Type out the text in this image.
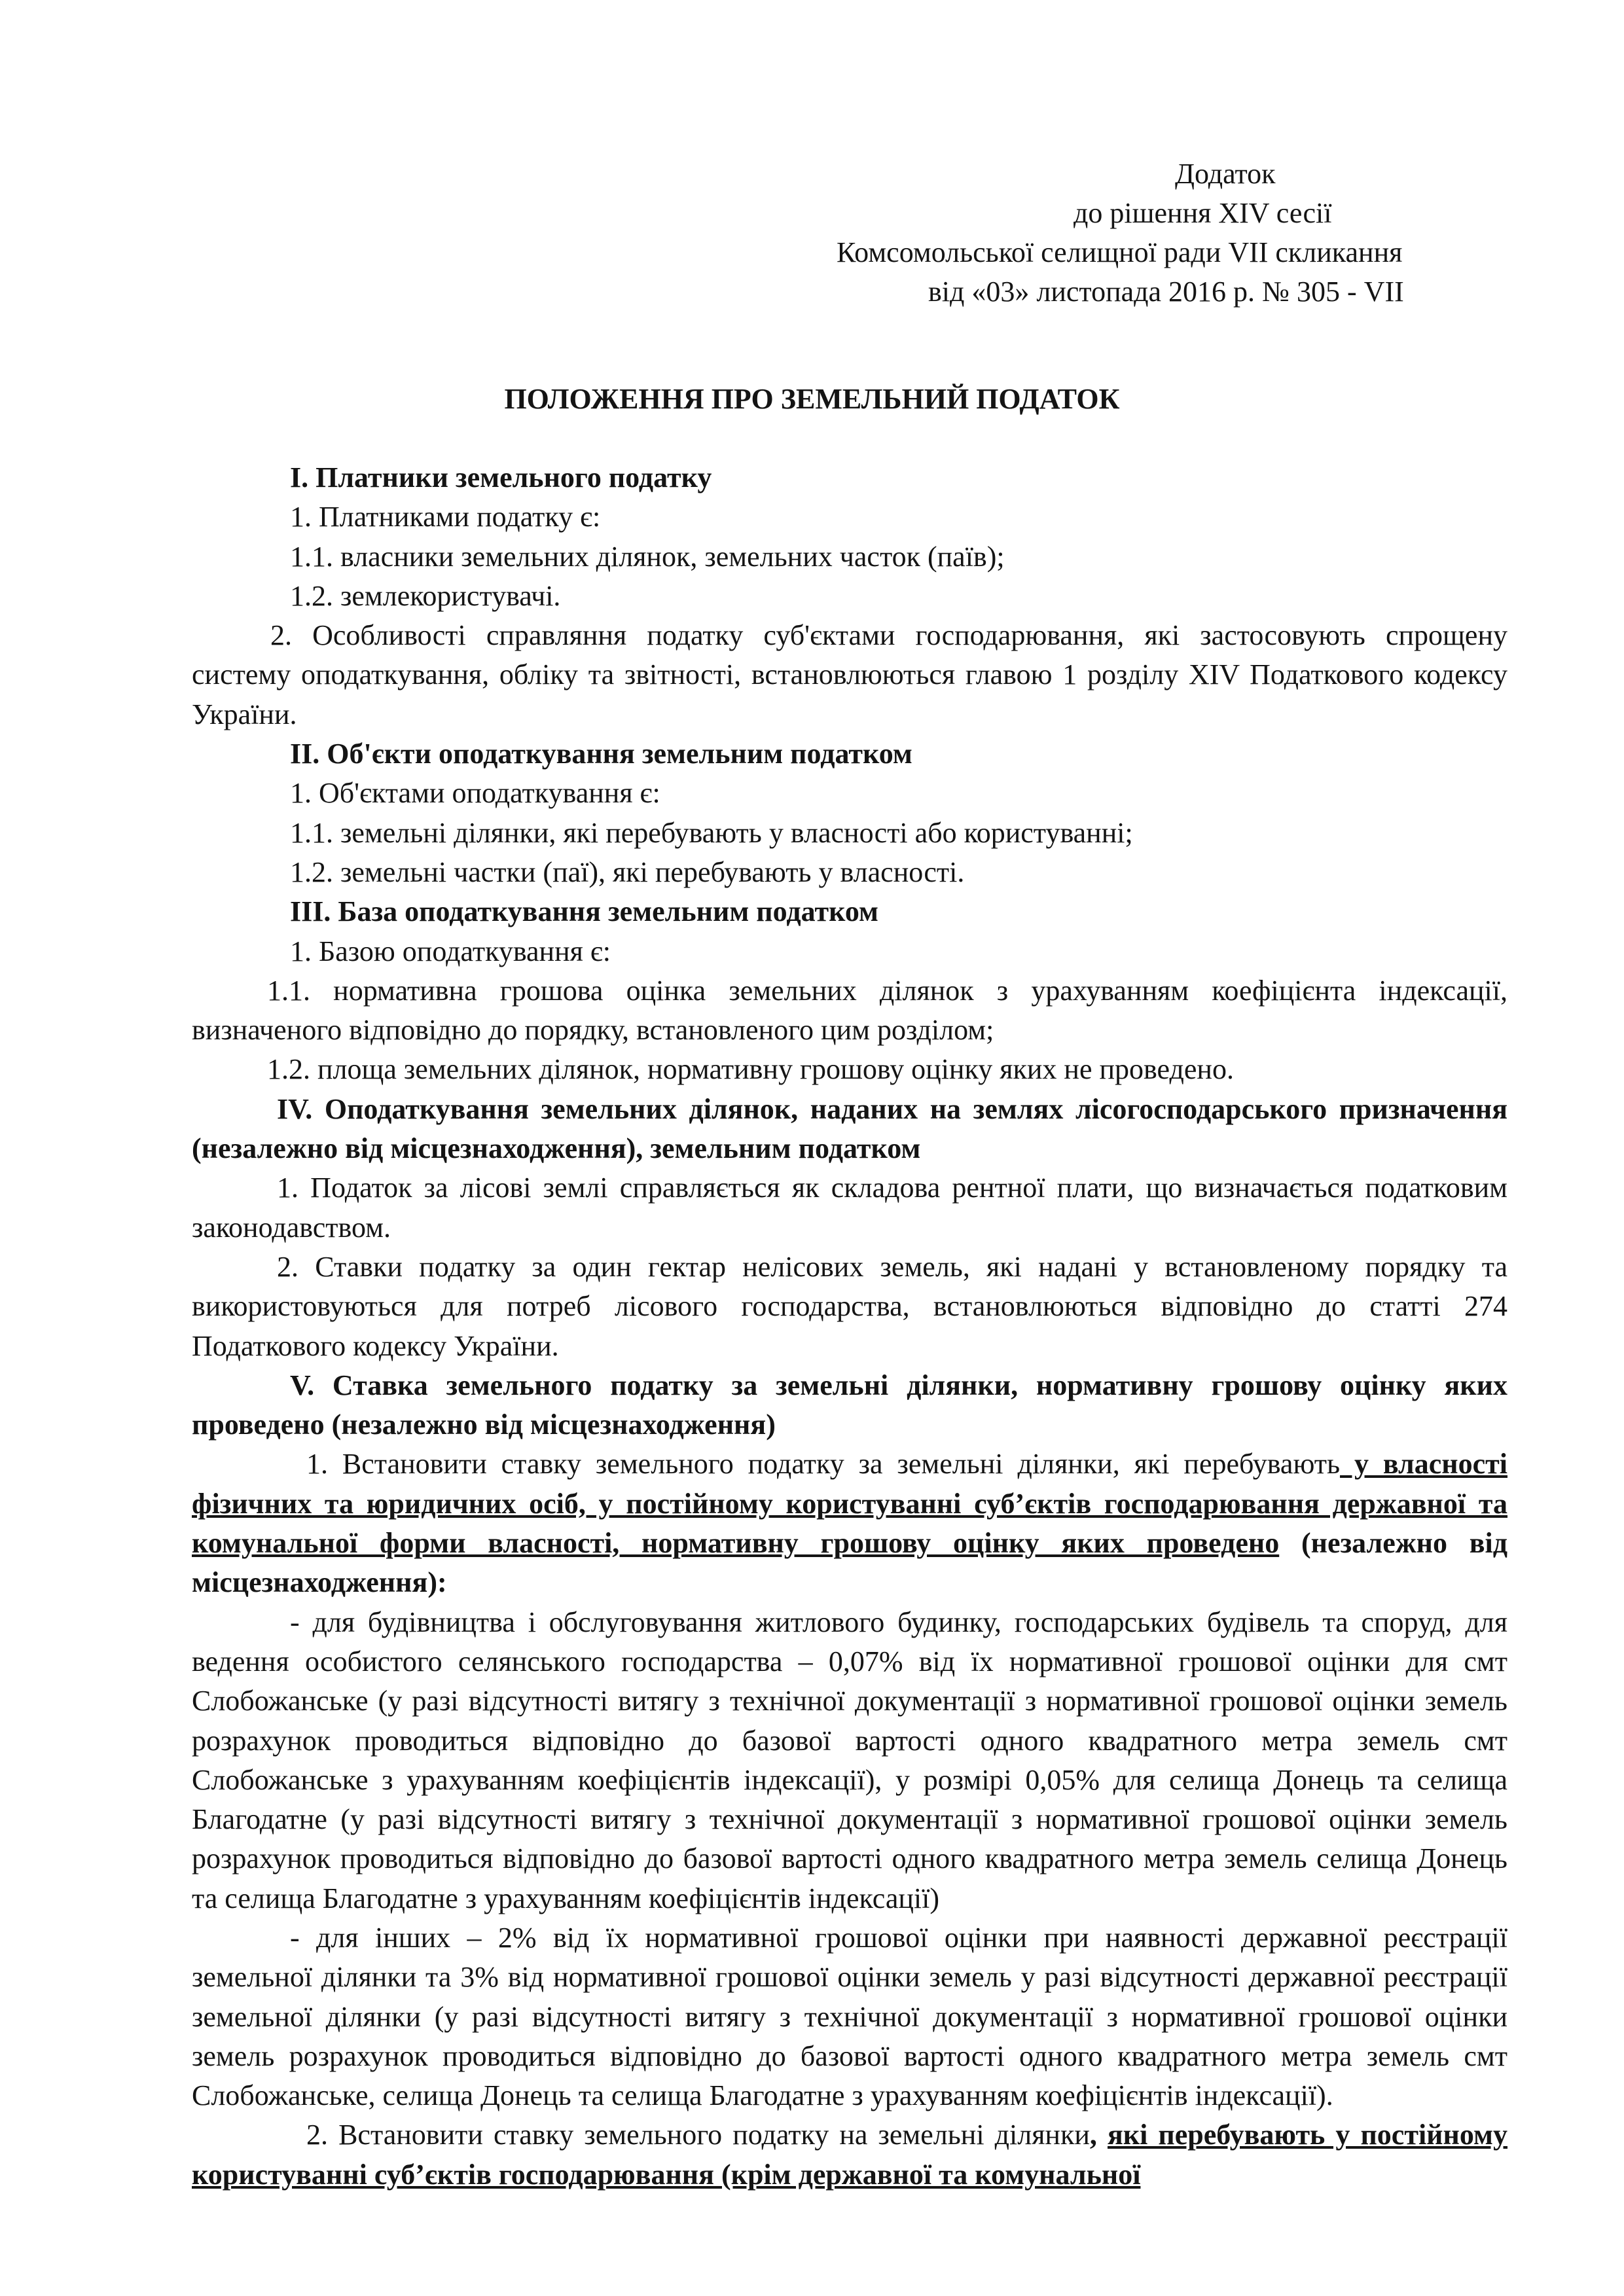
Додаток
до рішення XIV сесії
Комсомольської селищної ради VII скликання
від «03» листопада 2016 р. № 305 - VII
ПОЛОЖЕННЯ ПРО ЗЕМЕЛЬНИЙ ПОДАТОК

І. Платники земельного податку

1. Платниками податку є:

1.1. власники земельних ділянок, земельних часток (паїв);

1.2. землекористувачі.

2. Особливості справляння податку суб'єктами господарювання, які застосовують спрощену систему оподаткування, обліку та звітності, встановлюються главою 1 розділу XIV Податкового кодексу України.

ІІ. Об'єкти оподаткування земельним податком

1. Об'єктами оподаткування є:

1.1. земельні ділянки, які перебувають у власності або користуванні;

1.2. земельні частки (паї), які перебувають у власності.

ІІІ. База оподаткування земельним податком

1. Базою оподаткування є:

1.1. нормативна грошова оцінка земельних ділянок з урахуванням коефіцієнта індексації, визначеного відповідно до порядку, встановленого цим розділом;

1.2. площа земельних ділянок, нормативну грошову оцінку яких не проведено.

ІV. Оподаткування земельних ділянок, наданих на землях лісогосподарського призначення (незалежно від місцезнаходження), земельним податком

1. Податок за лісові землі справляється як складова рентної плати, що визначається податковим законодавством.

2. Ставки податку за один гектар нелісових земель, які надані у встановленому порядку та використовуються для потреб лісового господарства, встановлюються відповідно до статті 274 Податкового кодексу України.

V. Ставка земельного податку за земельні ділянки, нормативну грошову оцінку яких проведено (незалежно від місцезнаходження)

1. Встановити ставку земельного податку за земельні ділянки, які перебувають у власності фізичних та юридичних осіб, у постійному користуванні суб’єктів господарювання державної та комунальної форми власності, нормативну грошову оцінку яких проведено (незалежно від місцезнаходження):

- для будівництва і обслуговування житлового будинку, господарських будівель та споруд, для ведення особистого селянського господарства – 0,07% від їх нормативної грошової оцінки для смт Слобожанське (у разі відсутності витягу з технічної документації з нормативної грошової оцінки земель розрахунок проводиться відповідно до базової вартості одного квадратного метра земель смт Слобожанське з урахуванням коефіцієнтів індексації), у розмірі 0,05% для селища Донець та селища Благодатне (у разі відсутності витягу з технічної документації з нормативної грошової оцінки земель розрахунок проводиться відповідно до базової вартості одного квадратного метра земель селища Донець та селища Благодатне з урахуванням коефіцієнтів індексації)

- для інших – 2% від їх нормативної грошової оцінки при наявності державної реєстрації земельної ділянки та 3% від нормативної грошової оцінки земель у разі відсутності державної реєстрації земельної ділянки (у разі відсутності витягу з технічної документації з нормативної грошової оцінки земель розрахунок проводиться відповідно до базової вартості одного квадратного метра земель смт Слобожанське, селища Донець та селища Благодатне з урахуванням коефіцієнтів індексації).

2. Встановити ставку земельного податку на земельні ділянки, які перебувають у постійному користуванні суб’єктів господарювання (крім державної та комунальної
